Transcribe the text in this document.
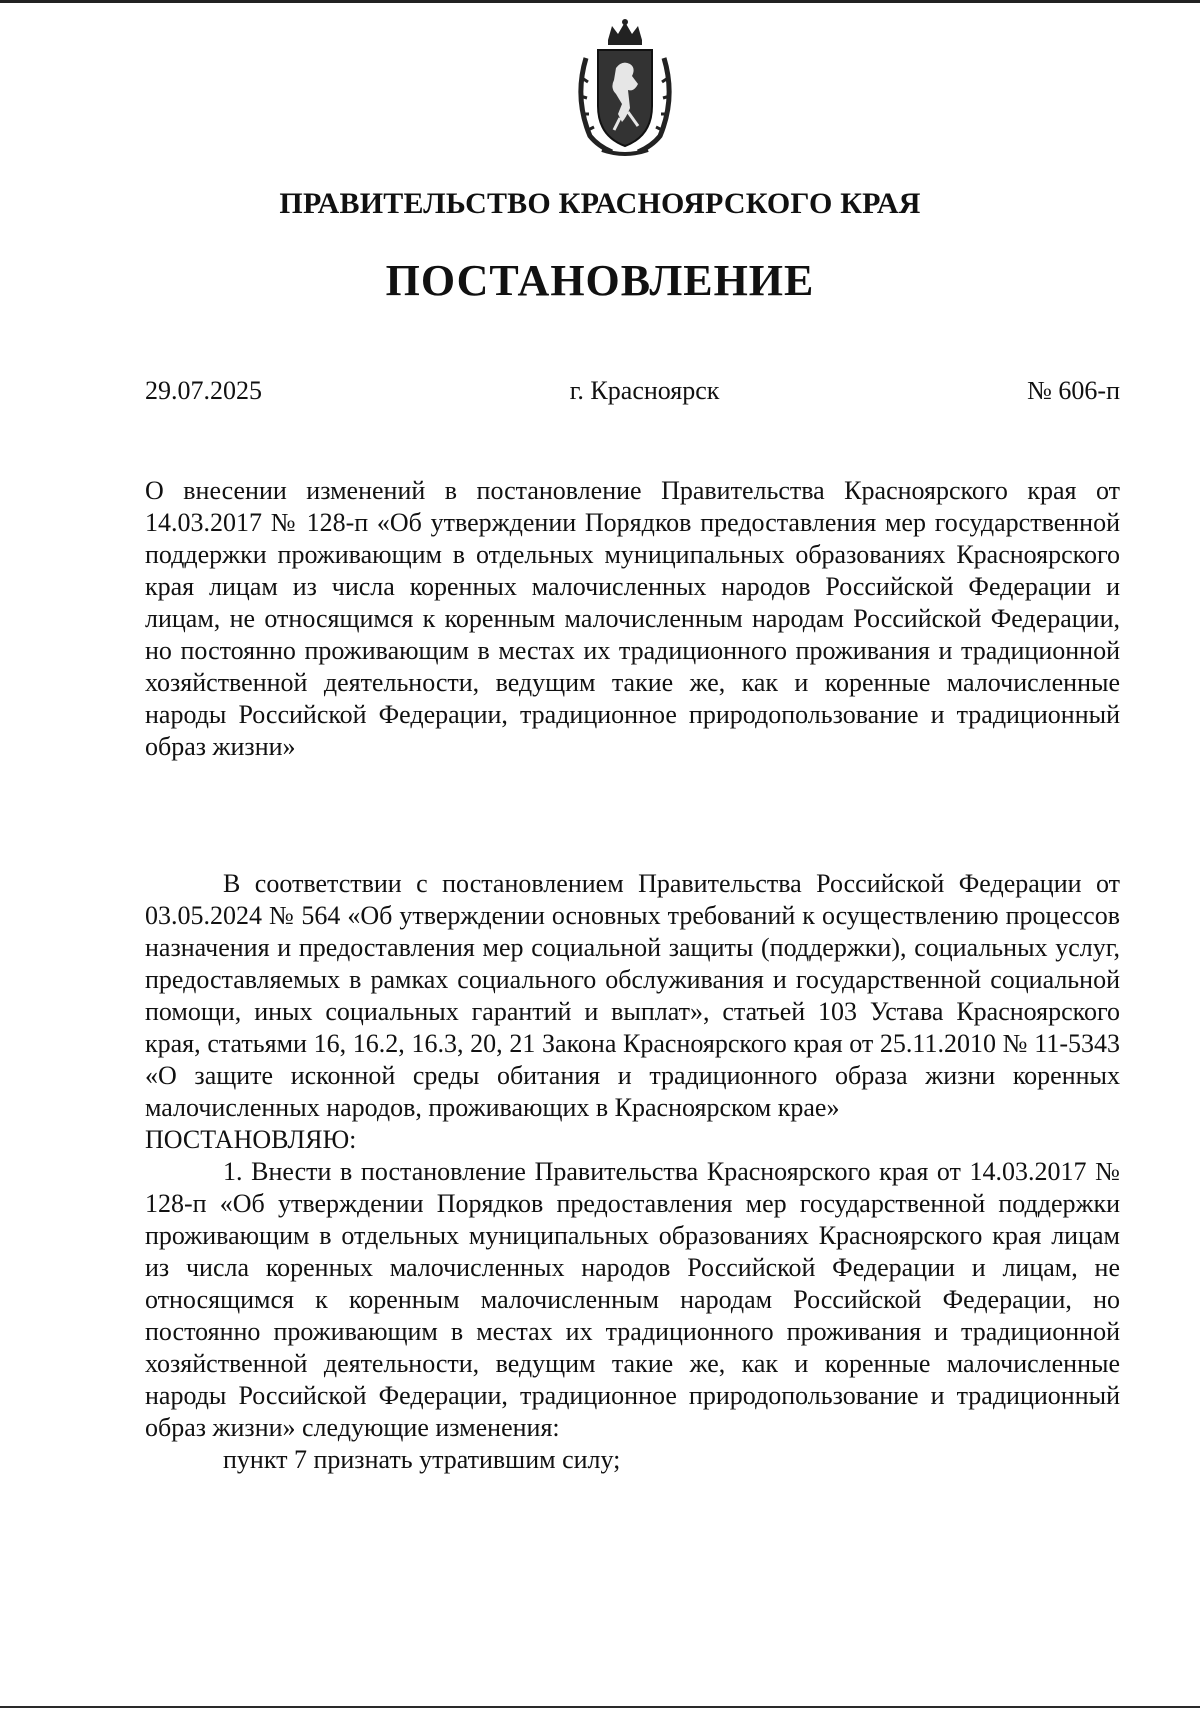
ПРАВИТЕЛЬСТВО КРАСНОЯРСКОГО КРАЯ
ПОСТАНОВЛЕНИЕ
29.07.2025	г. Красноярск	№ 606-п
О внесении изменений в постановление Правительства Красноярского края от 14.03.2017 № 128-п «Об утверждении Порядков предоставления мер государственной поддержки проживающим в отдельных муниципальных образованиях Красноярского края лицам из числа коренных малочисленных народов Российской Федерации и лицам, не относящимся к коренным малочисленным народам Российской Федерации, но постоянно проживающим в местах их традиционного проживания и традиционной хозяйственной деятельности, ведущим такие же, как и коренные малочисленные народы Российской Федерации, традиционное природопользование и традиционный образ жизни»

В соответствии с постановлением Правительства Российской Федерации от 03.05.2024 № 564 «Об утверждении основных требований к осуществлению процессов назначения и предоставления мер социальной защиты (поддержки), социальных услуг, предоставляемых в рамках социального обслуживания и государственной социальной помощи, иных социальных гарантий и выплат», статьей 103 Устава Красноярского края, статьями 16, 16.2, 16.3, 20, 21 Закона Красноярского края от 25.11.2010 № 11-5343 «О защите исконной среды обитания и традиционного образа жизни коренных малочисленных народов, проживающих в Красноярском крае»

ПОСТАНОВЛЯЮ:

1. Внести в постановление Правительства Красноярского края от 14.03.2017 № 128-п «Об утверждении Порядков предоставления мер государственной поддержки проживающим в отдельных муниципальных образованиях Красноярского края лицам из числа коренных малочисленных народов Российской Федерации и лицам, не относящимся к коренным малочисленным народам Российской Федерации, но постоянно проживающим в местах их традиционного проживания и традиционной хозяйственной деятельности, ведущим такие же, как и коренные малочисленные народы Российской Федерации, традиционное природопользование и традиционный образ жизни» следующие изменения:

пункт 7 признать утратившим силу;
